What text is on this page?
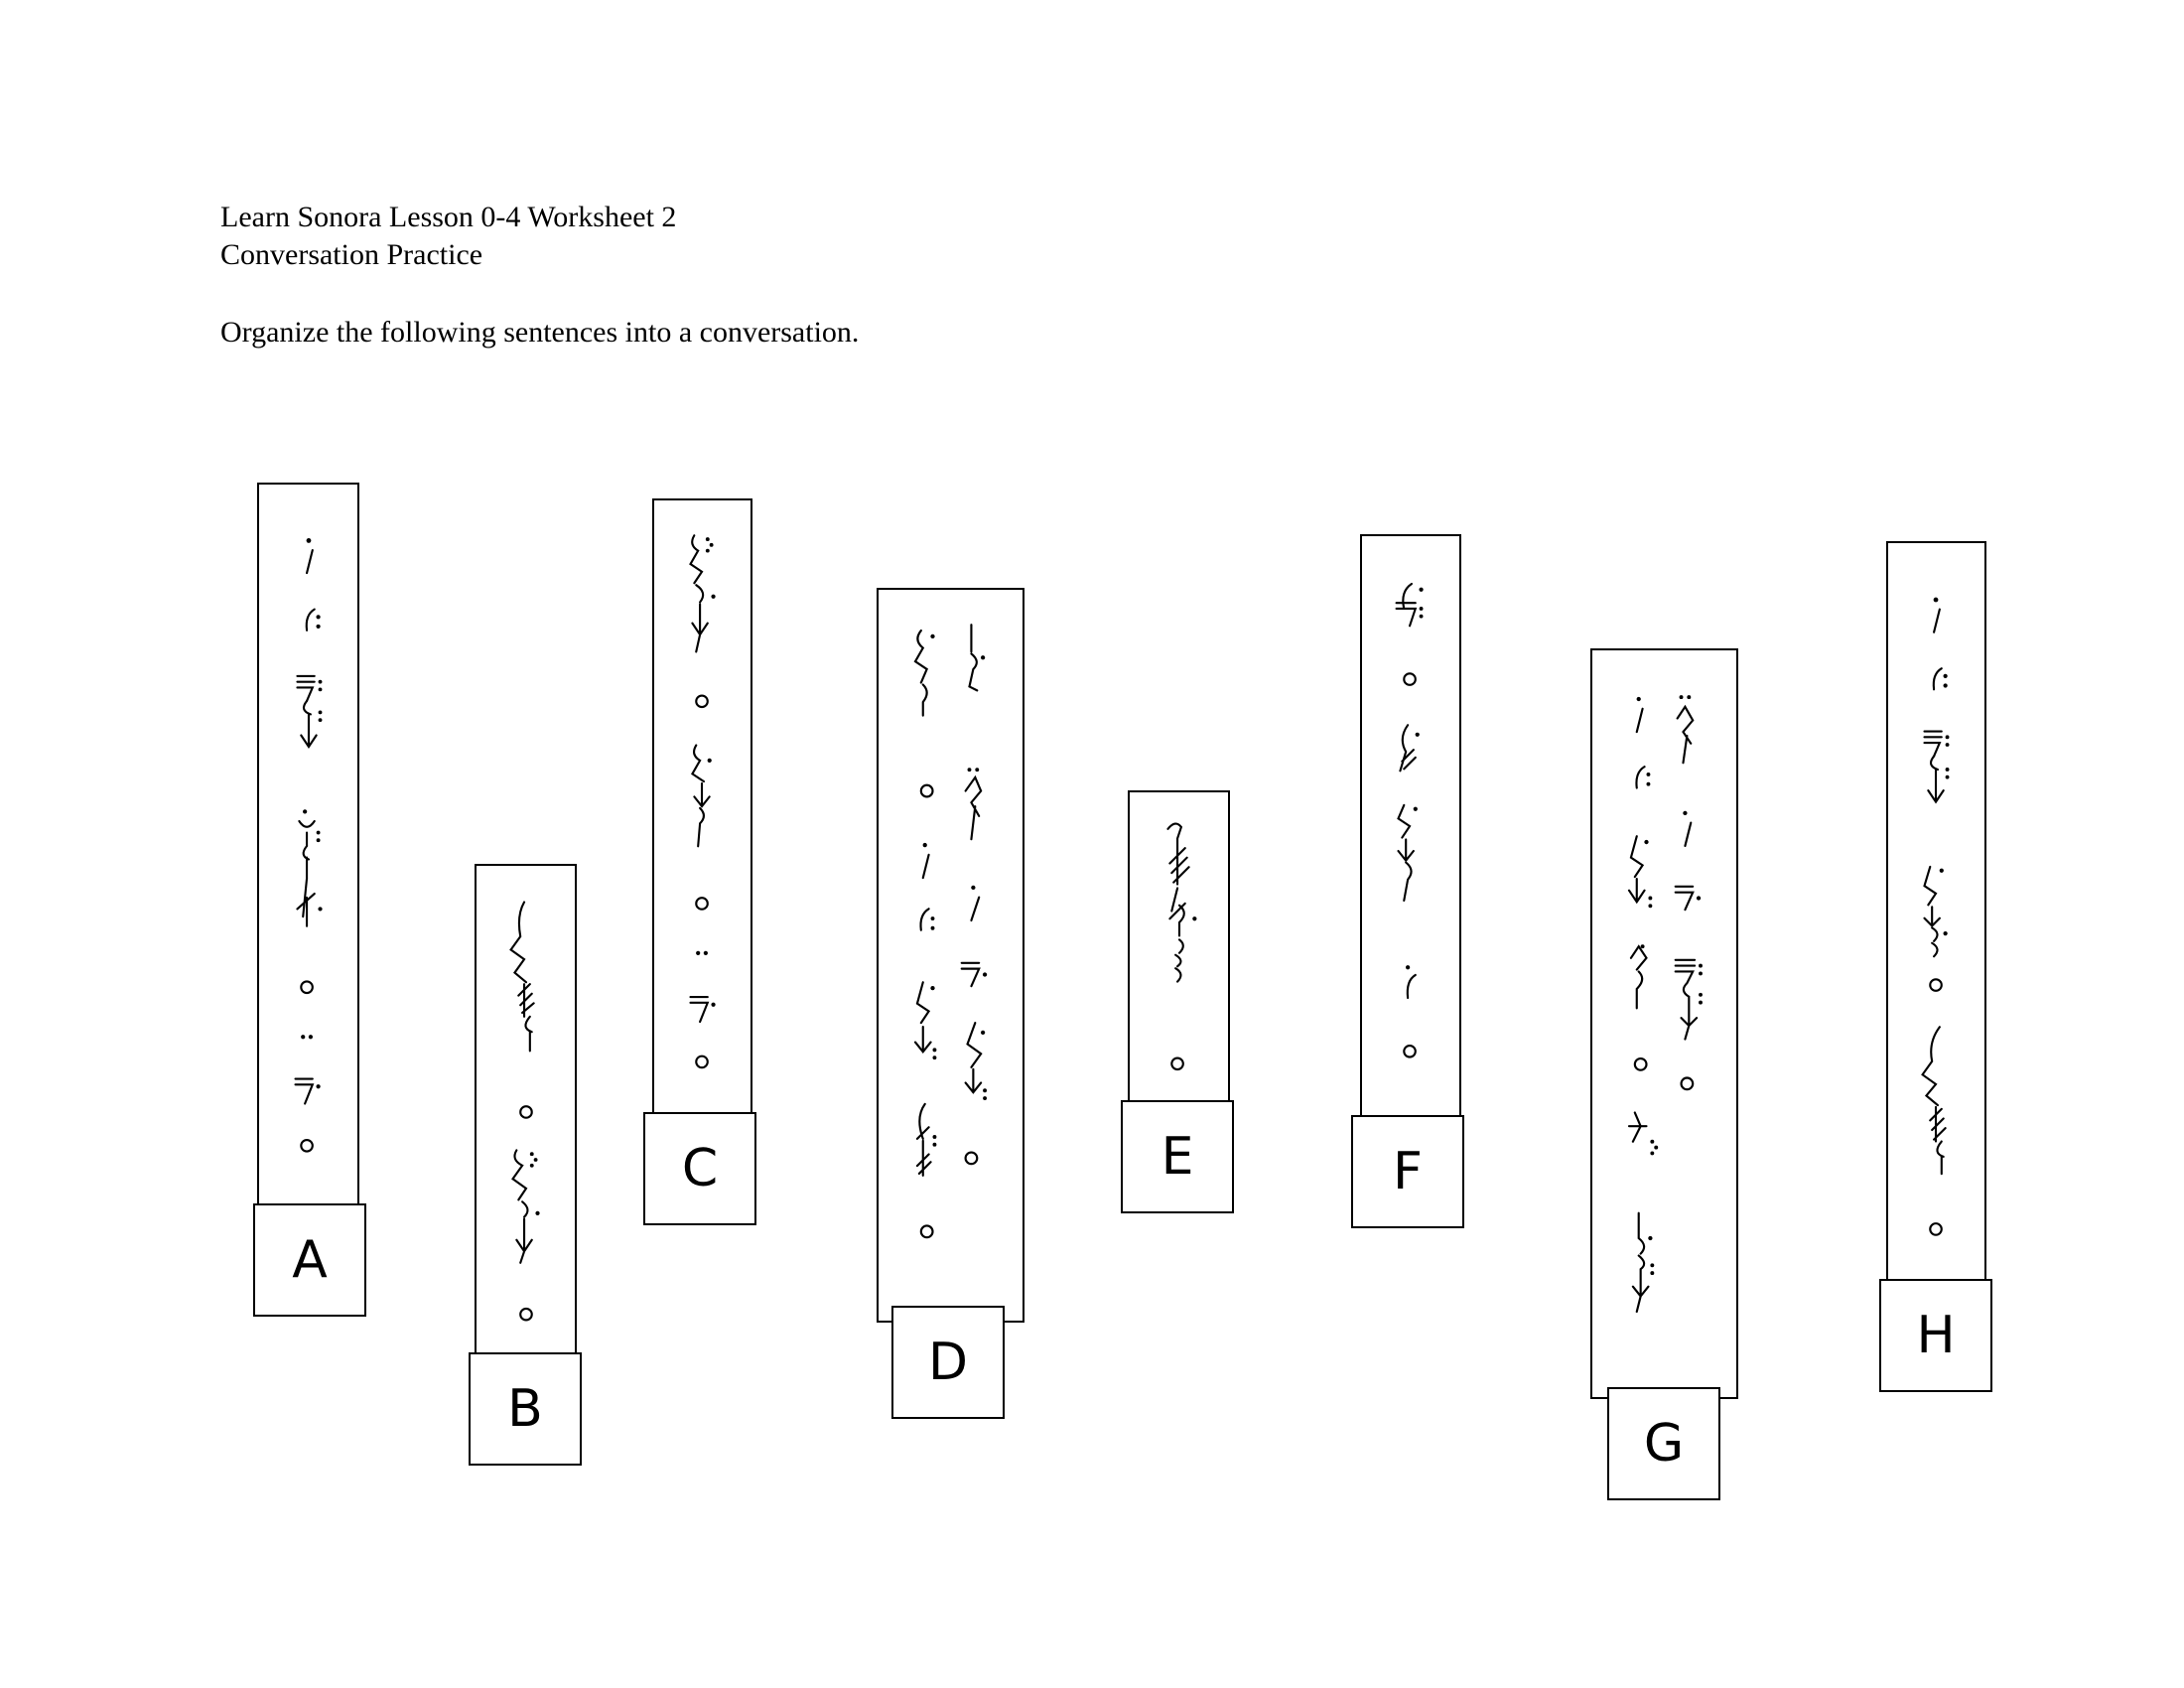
Learn Sonora Lesson 0-4 Worksheet 2
Conversation Practice
Organize the following sentences into a conversation.
A
B
C
D
E	F
G
H
